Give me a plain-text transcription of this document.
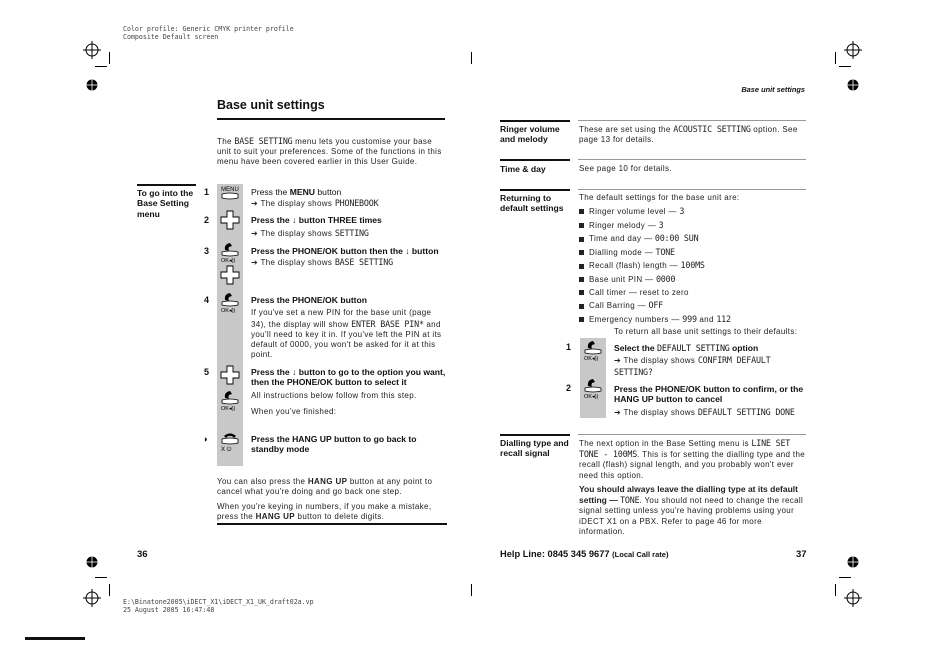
Color profile: Generic CMYK printer profile
Composite Default screen
Base unit settings
The BASE SETTING menu lets you customise your base unit to suit your preferences. Some of the functions in this menu have been covered earlier in this User Guide.
To go into the Base Setting menu
1
2
3
4
5
◗
MENU
OK◂))
OK◂))
OK◂))
X ⏻
Press the MENU button
➔ The display shows PHONEBOOK
Press the ↓ button THREE times
➔ The display shows SETTING
Press the PHONE/OK button then the ↓ button
➔ The display shows BASE SETTING
Press the PHONE/OK button
If you've set a new PIN for the base unit (page 34), the display will show ENTER BASE PIN* and you'll need to key it in. If you've left the PIN at its default of 0000, you won't be asked for it at this point.
Press the ↓ button to go to the option you want, then the PHONE/OK button to select it
All instructions below follow from this step.
When you've finished:
Press the HANG UP button to go back to standby mode
You can also press the HANG UP button at any point to cancel what you're doing and go back one step.
When you're keying in numbers, if you make a mistake, press the HANG UP button to delete digits.
36
Base unit settings
Ringer volume and melody
These are set using the ACOUSTIC SETTING option. See page 13 for details.
Time & day	See page 10 for details.
Returning to default settings
The default settings for the base unit are:
Ringer volume level — 3
Ringer melody — 3
Time and day — 00:00 SUN
Dialling mode — TONE
Recall (flash) length — 100MS
Base unit PIN — 0000
Call timer — reset to zero
Call Barring — OFF
Emergency numbers — 999 and 112
To return all base unit settings to their defaults:
1
2
OK◂))
OK◂))
Select the DEFAULT SETTING option
➔ The display shows CONFIRM DEFAULT SETTING?
Press the PHONE/OK button to confirm, or the HANG UP button to cancel
➔ The display shows DEFAULT SETTING DONE
Dialling type and recall signal
The next option in the Base Setting menu is LINE SET TONE - 100MS. This is for setting the dialling type and the recall (flash) signal length, and you probably won't ever need this option.
You should always leave the dialling type at its default setting — TONE. You should not need to change the recall signal setting unless you're having problems using your iDECT X1 on a PBX. Refer to page 46 for more information.
Help Line: 0845 345 9677 (Local Call rate)	37
E:\Binatone2005\iDECT_X1\iDECT_X1_UK_draft02a.vp
25 August 2005 16:47:48
